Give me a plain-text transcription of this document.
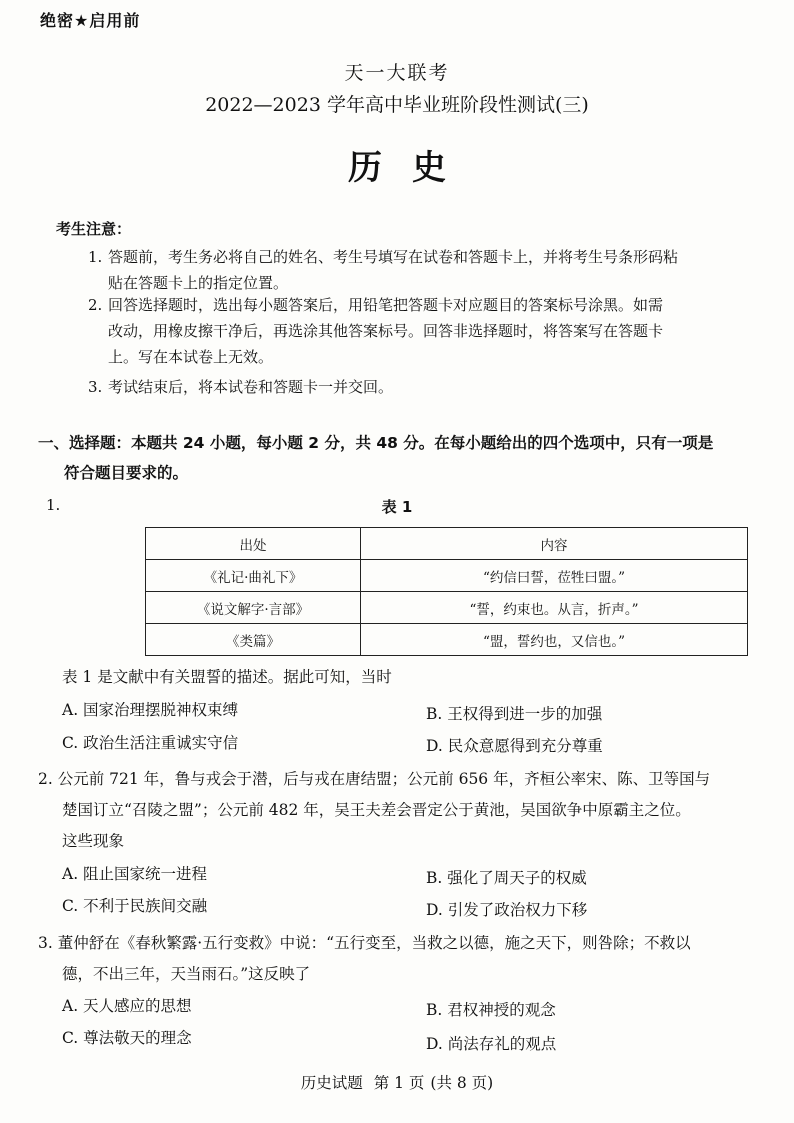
绝密★启用前
天一大联考
2022—2023 学年高中毕业班阶段性测试(三)
历史
考生注意：
1. 答题前，考生务必将自己的姓名、考生号填写在试卷和答题卡上，并将考生号条形码粘
贴在答题卡上的指定位置。
2. 回答选择题时，选出每小题答案后，用铅笔把答题卡对应题目的答案标号涂黑。如需
改动，用橡皮擦干净后，再选涂其他答案标号。回答非选择题时，将答案写在答题卡
上。写在本试卷上无效。
3. 考试结束后，将本试卷和答题卡一并交回。
一、选择题：本题共 24 小题，每小题 2 分，共 48 分。在每小题给出的四个选项中，只有一项是
符合题目要求的。
1.	表 1
出处	内容
《礼记·曲礼下》	“约信曰誓，莅牲曰盟。”
《说文解字·言部》	“誓，约束也。从言，折声。”
《类篇》	“盟，誓约也，又信也。”
表 1 是文献中有关盟誓的描述。据此可知，当时
A. 国家治理摆脱神权束缚	B. 王权得到进一步的加强
C. 政治生活注重诚实守信	D. 民众意愿得到充分尊重
2. 公元前 721 年，鲁与戎会于潜，后与戎在唐结盟；公元前 656 年，齐桓公率宋、陈、卫等国与
楚国订立“召陵之盟”；公元前 482 年，吴王夫差会晋定公于黄池，吴国欲争中原霸主之位。
这些现象
A. 阻止国家统一进程	B. 强化了周天子的权威
C. 不利于民族间交融	D. 引发了政治权力下移
3. 董仲舒在《春秋繁露·五行变救》中说：“五行变至，当救之以德，施之天下，则咎除；不救以
德，不出三年，天当雨石。”这反映了
A. 天人感应的思想	B. 君权神授的观念
C. 尊法敬天的理念	D. 尚法存礼的观点
历史试题 第 1 页 (共 8 页)
